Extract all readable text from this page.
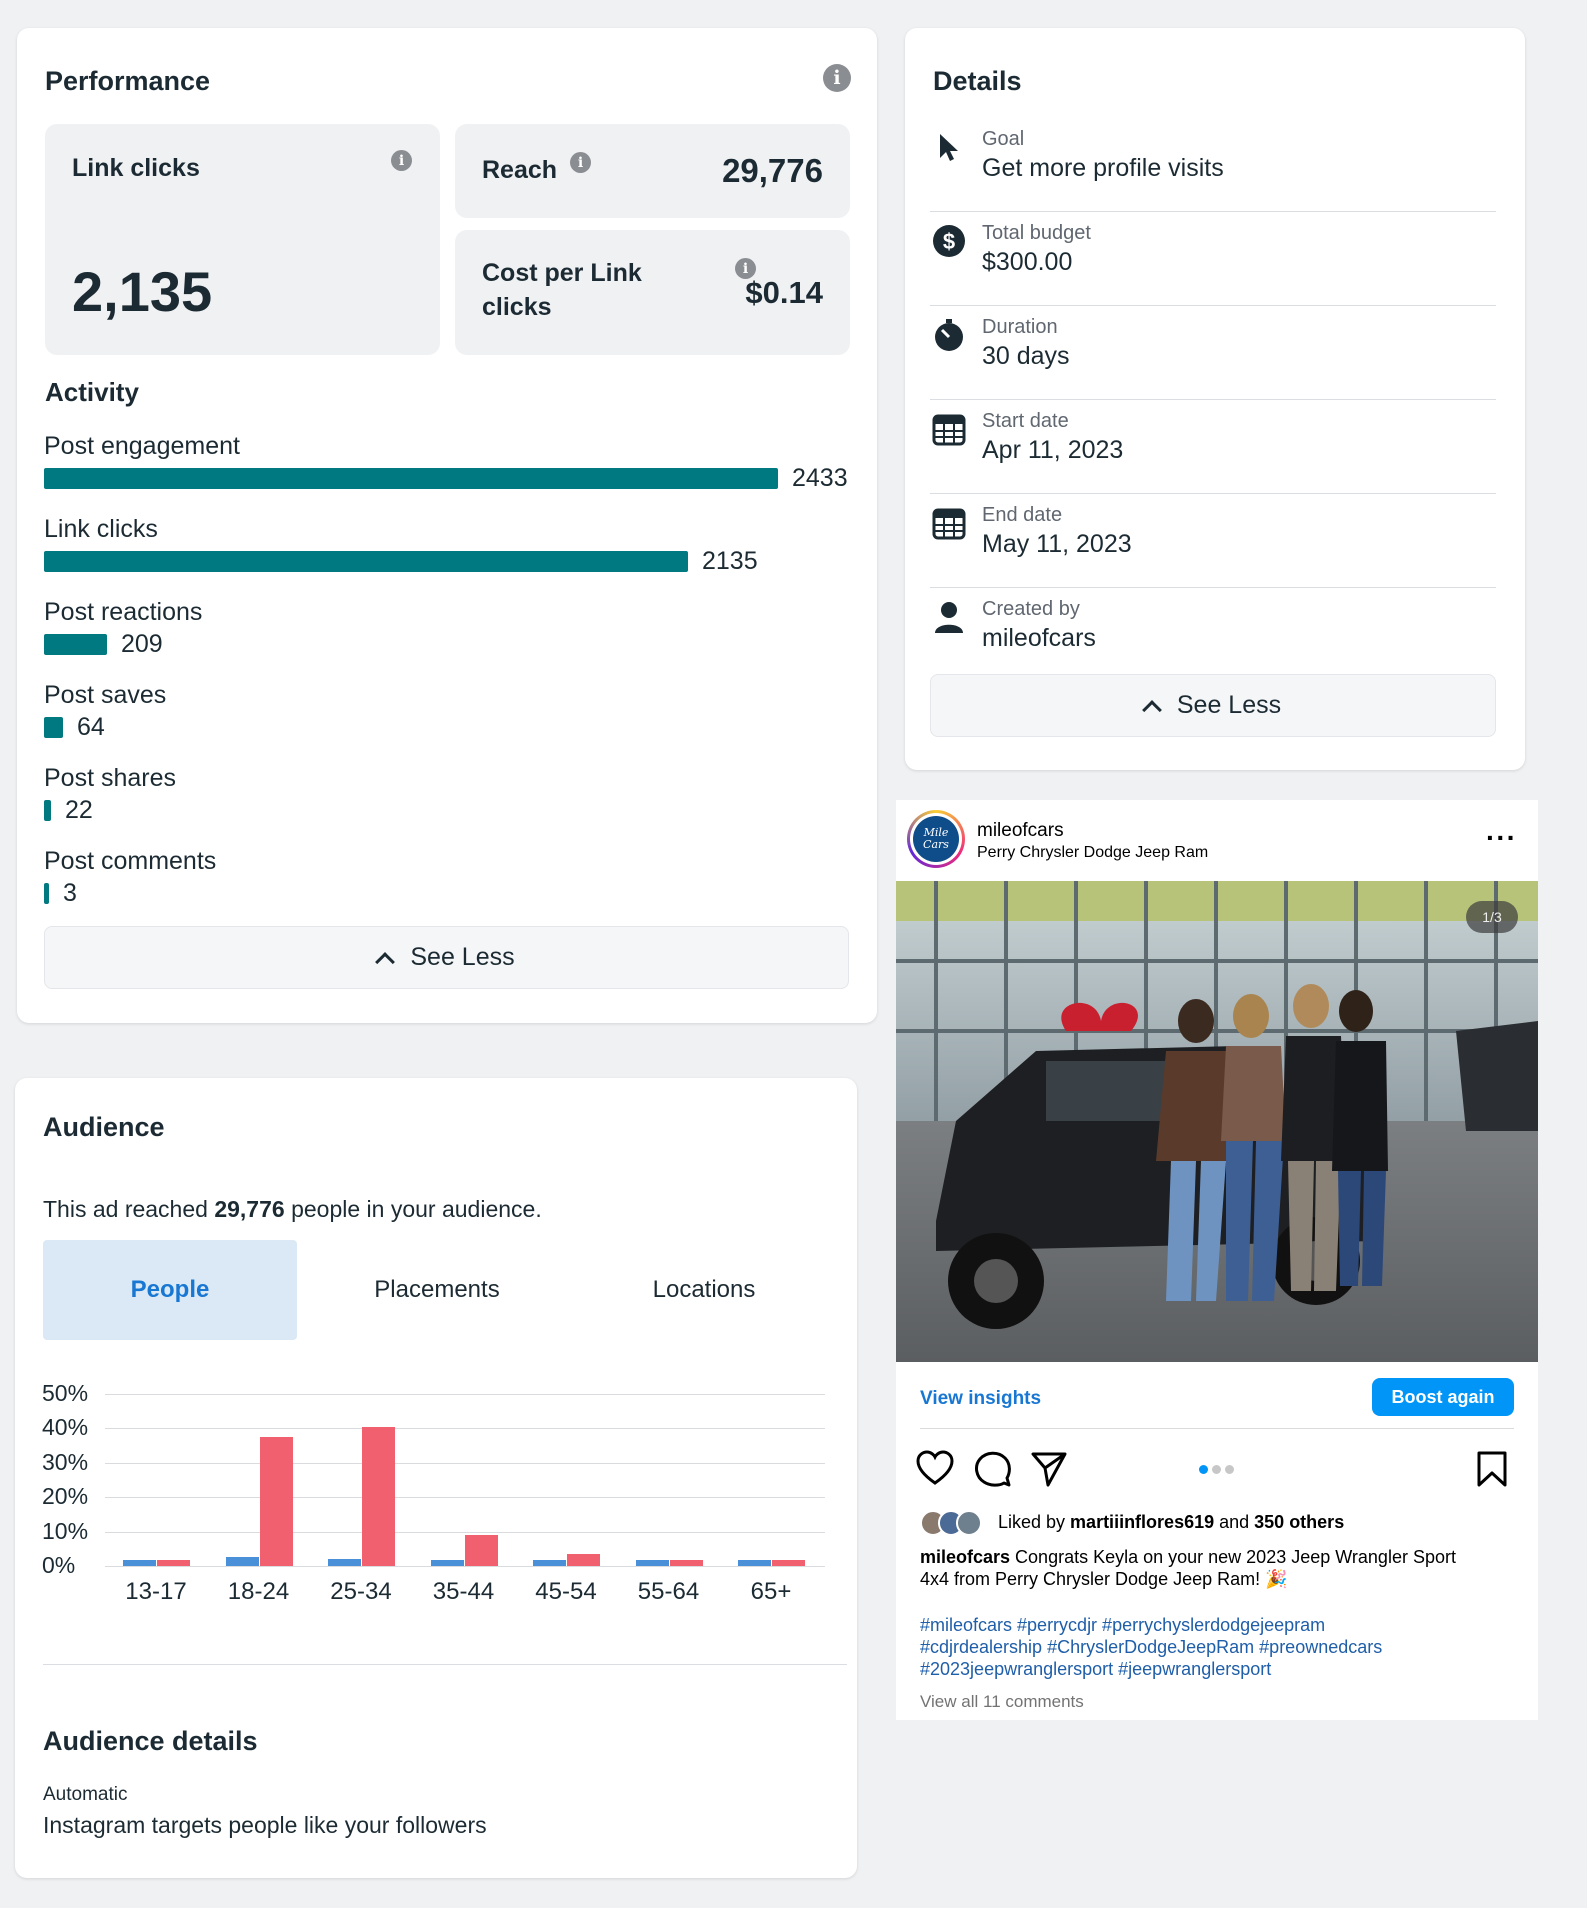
Performance	i
Link clicks	i
2,135
Reach	i	29,776
Cost per Link
clicks
i
$0.14
Activity
Post engagement
2433
Link clicks
2135
Post reactions
209
Post saves
64
Post shares
22
Post comments
3
See Less
Details
Goal
Get more profile visits
$ Total budget
$300.00
Duration
30 days
Start date
Apr 11, 2023
End date
May 11, 2023
Created by
mileofcars
See Less
Audience
This ad reached 29,776 people in your audience.
People	Placements	Locations
50%
40%
30%
20%
10%
0%
13-17	18-24	25-34	35-44	45-54	55-64	65+
Audience details
Automatic
Instagram targets people like your followers
Mile
Cars
mileofcars
Perry Chrysler Dodge Jeep Ram	···
1/3
View insights	Boost again
Liked by martiiinflores619 and 350 others
mileofcars Congrats Keyla on your new 2023 Jeep Wrangler Sport
4x4 from Perry Chrysler Dodge Jeep Ram! 🎉
#mileofcars #perrycdjr #perrychyslerdodgejeepram
#cdjrdealership #ChryslerDodgeJeepRam #preownedcars
#2023jeepwranglersport #jeepwranglersport
View all 11 comments
